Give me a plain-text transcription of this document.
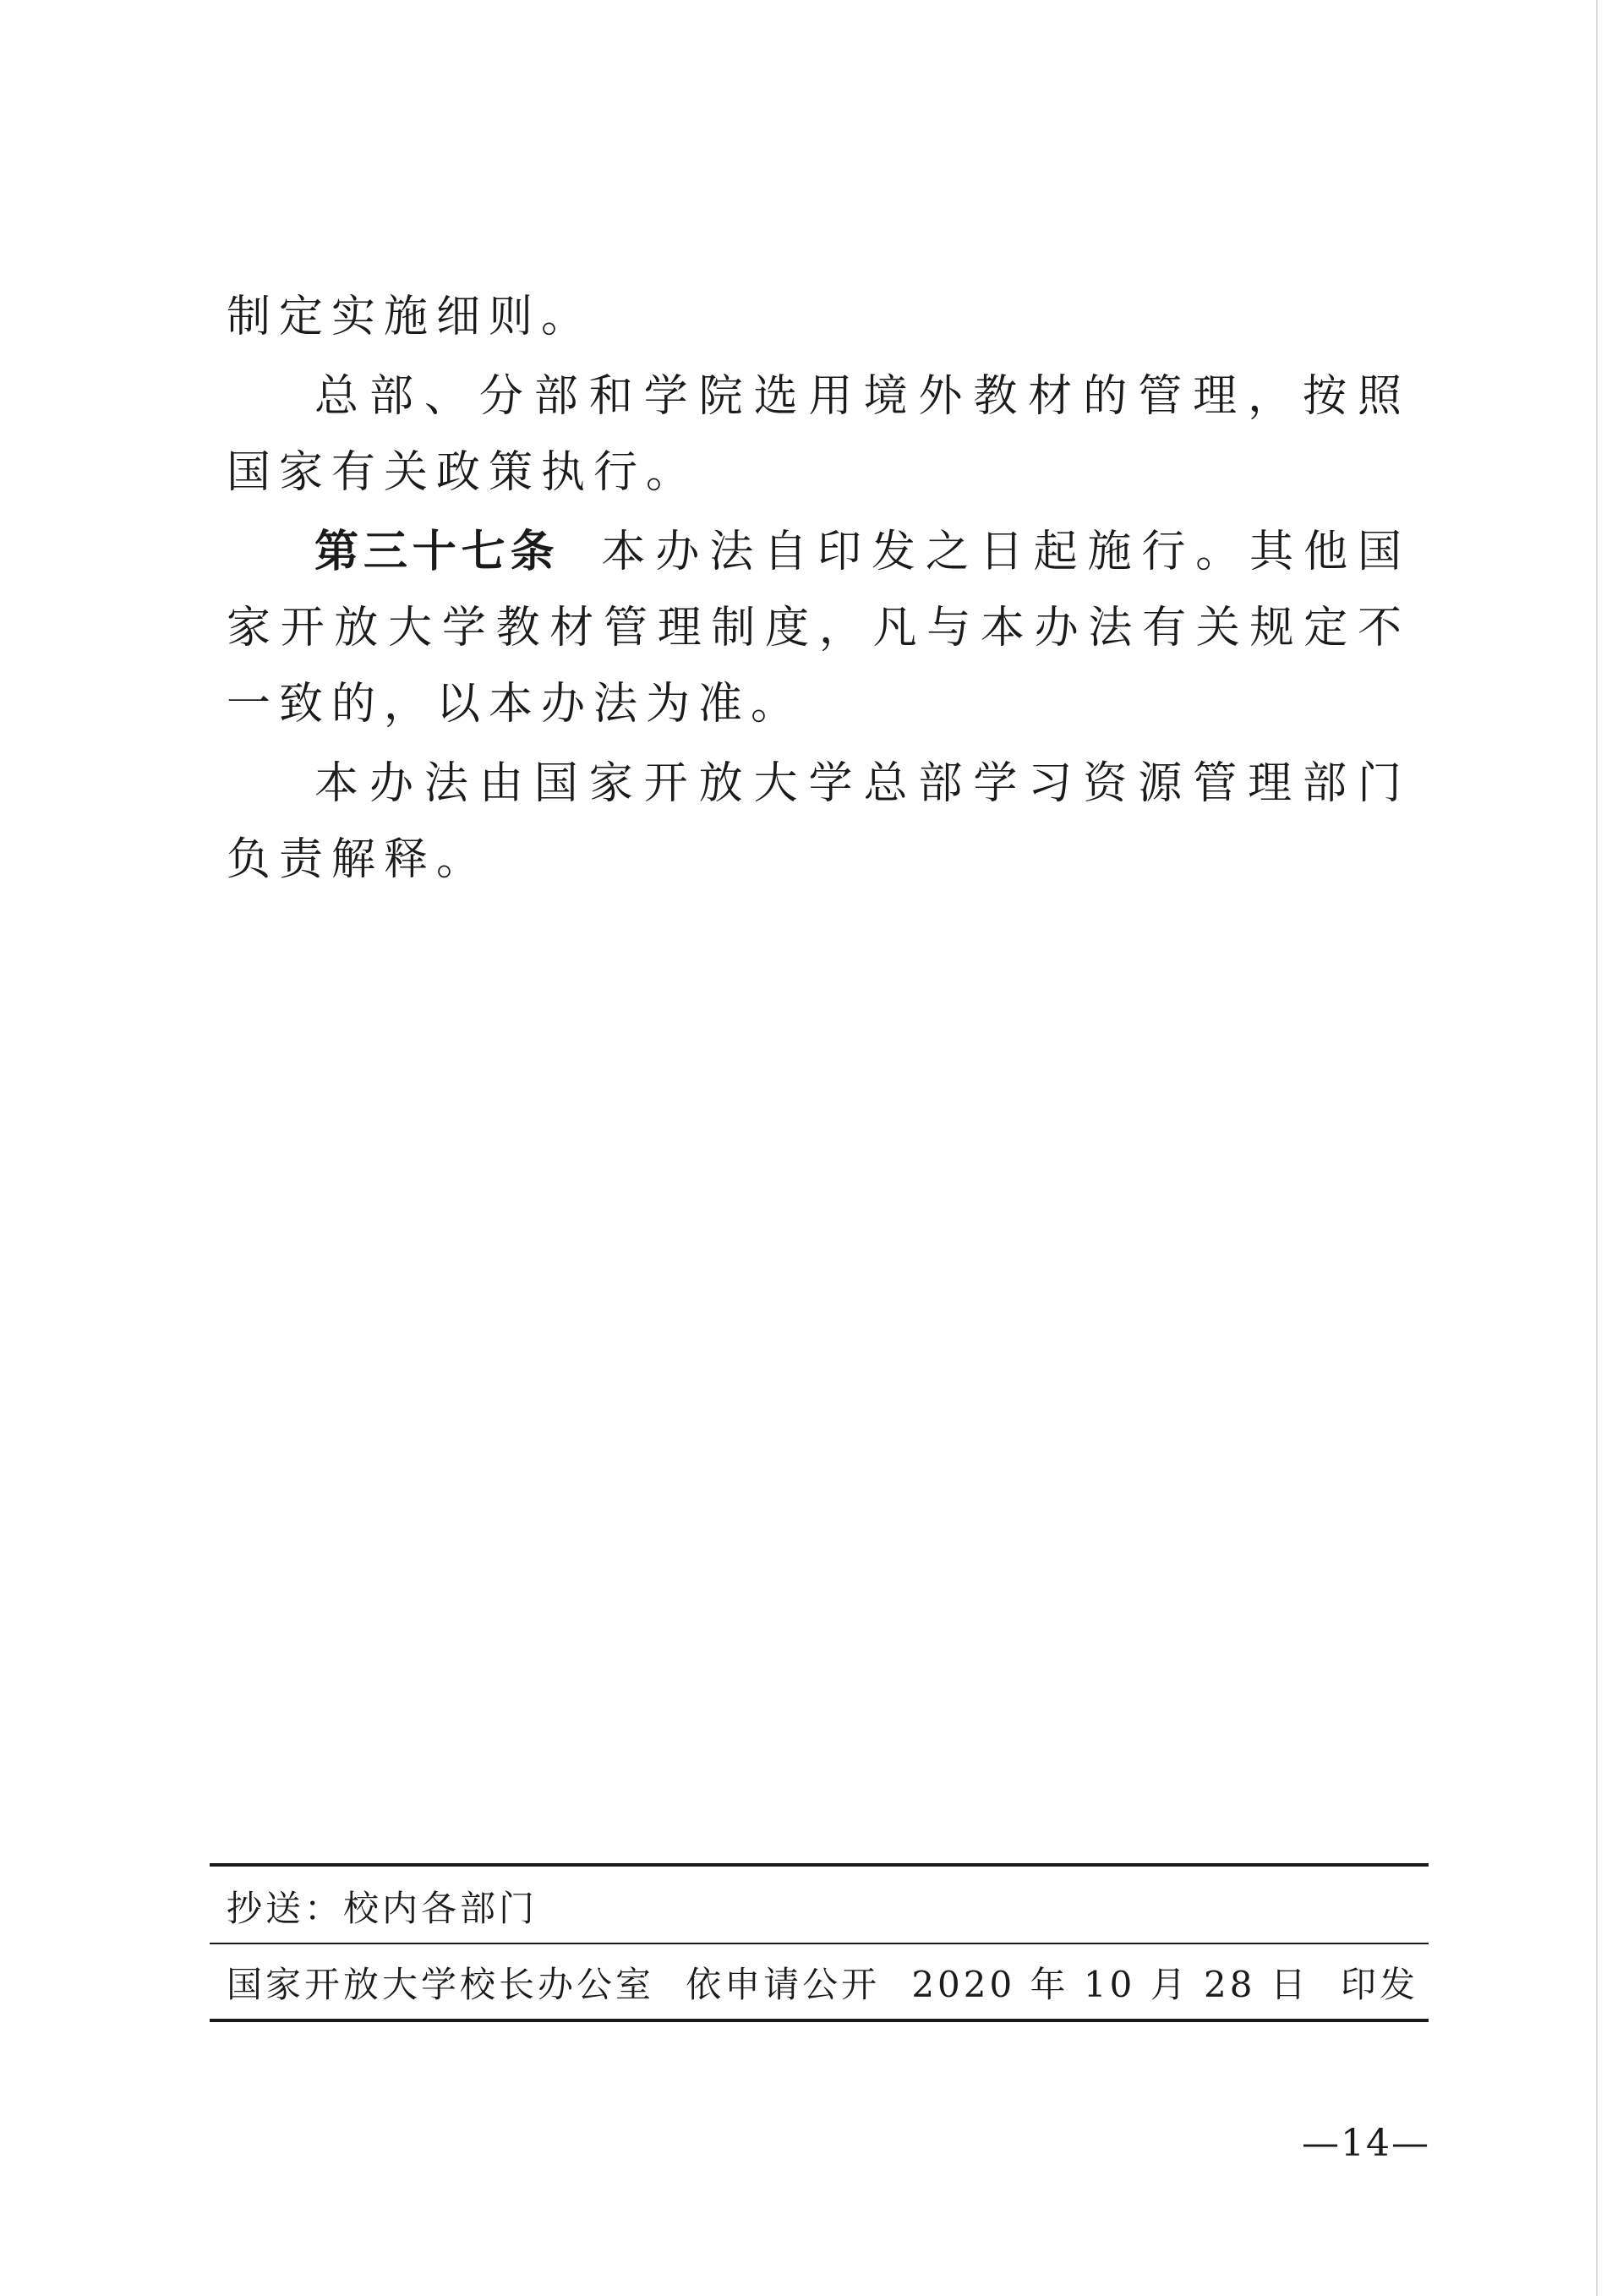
制定实施细则。

总部、分部和学院选用境外教材的管理，按照国家有关政策执行。

第三十七条 本办法自印发之日起施行。其他国家开放大学教材管理制度，凡与本办法有关规定不一致的，以本办法为准。

本办法由国家开放大学总部学习资源管理部门负责解释。

抄送：校内各部门
国家开放大学校长办公室 依申请公开 2020 年 10 月 28 日 印发
—14—
